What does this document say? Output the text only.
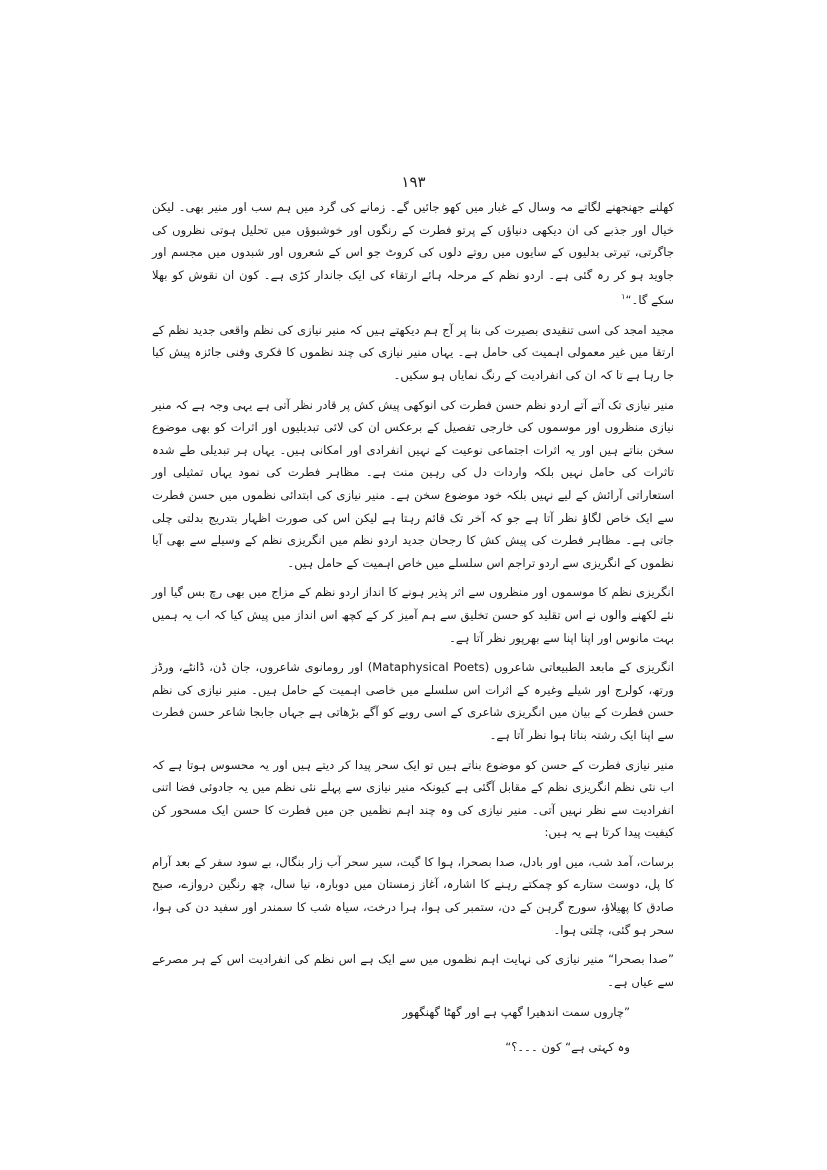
۱۹۳

کھلنے جھنجھنے لگاتے مہ وسال کے غبار میں کھو جائیں گے۔ زمانے کی گرد میں ہم سب اور منیر بھی۔ لیکن خیال اور جذبے کی ان دیکھی دنیاؤں کے پرتو فطرت کے رنگوں اور خوشبوؤں میں تحلیل ہوتی نظروں کی جاگرتی، تیرتی بدلیوں کے سایوں میں روتے دلوں کی کروٹ جو اس کے شعروں اور شبدوں میں مجسم اور جاوید ہو کر رہ گئی ہے۔ اردو نظم کے مرحلہ ہائے ارتقاء کی ایک جاندار کڑی ہے۔ کون ان نقوش کو بھلا سکے گا۔“$^۱$

مجید امجد کی اسی تنقیدی بصیرت کی بنا پر آج ہم دیکھتے ہیں کہ منیر نیازی کی نظم واقعی جدید نظم کے ارتقا میں غیر معمولی اہمیت کی حامل ہے۔ یہاں منیر نیازی کی چند نظموں کا فکری وفنی جائزہ پیش کیا جا رہا ہے تا کہ ان کی انفرادیت کے رنگ نمایاں ہو سکیں۔

منیر نیازی تک آتے آتے اردو نظم حسن فطرت کی انوکھی پیش کش پر قادر نظر آتی ہے یہی وجہ ہے کہ منیر نیازی منظروں اور موسموں کی خارجی تفصیل کے برعکس ان کی لائی تبدیلیوں اور اثرات کو بھی موضوع سخن بناتے ہیں اور یہ اثرات اجتماعی نوعیت کے نہیں انفرادی اور امکانی ہیں۔ یہاں ہر تبدیلی طے شدہ تاثرات کی حامل نہیں بلکہ واردات دل کی رہین منت ہے۔ مظاہر فطرت کی نمود یہاں تمثیلی اور استعاراتی آرائش کے لیے نہیں بلکہ خود موضوع سخن ہے۔ منیر نیازی کی ابتدائی نظموں میں حسن فطرت سے ایک خاص لگاؤ نظر آتا ہے جو کہ آخر تک قائم رہتا ہے لیکن اس کی صورت اظہار بتدریج بدلتی چلی جاتی ہے۔ مظاہر فطرت کی پیش کش کا رجحان جدید اردو نظم میں انگریزی نظم کے وسیلے سے بھی آیا نظموں کے انگریزی سے اردو تراجم اس سلسلے میں خاص اہمیت کے حامل ہیں۔

انگریزی نظم کا موسموں اور منظروں سے اثر پذیر ہونے کا انداز اردو نظم کے مزاج میں بھی رچ بس گیا اور نئے لکھنے والوں نے اس تقلید کو حسن تخلیق سے ہم آمیز کر کے کچھ اس انداز میں پیش کیا کہ اب یہ ہمیں بہت مانوس اور اپنا اپنا سے بھرپور نظر آتا ہے۔

انگریزی کے مابعد الطبیعاتی شاعروں (Mataphysical Poets) اور رومانوی شاعروں، جان ڈن، ڈانٹے، ورڈز ورتھ، کولرج اور شیلے وغیرہ کے اثرات اس سلسلے میں خاصی اہمیت کے حامل ہیں۔ منیر نیازی کی نظم حسن فطرت کے بیان میں انگریزی شاعری کے اسی رویے کو آگے بڑھاتی ہے جہاں جابجا شاعر حسن فطرت سے اپنا ایک رشتہ بناتا ہوا نظر آتا ہے۔

منیر نیازی فطرت کے حسن کو موضوع بناتے ہیں تو ایک سحر پیدا کر دیتے ہیں اور یہ محسوس ہوتا ہے کہ اب نئی نظم انگریزی نظم کے مقابل آگئی ہے کیونکہ منیر نیازی سے پہلے نئی نظم میں یہ جادوئی فضا اتنی انفرادیت سے نظر نہیں آتی۔ منیر نیازی کی وہ چند اہم نظمیں جن میں فطرت کا حسن ایک مسحور کن کیفیت پیدا کرتا ہے یہ ہیں:

برسات، آمد شب، میں اور بادل، صدا بصحرا، ہوا کا گیت، سیر سحر آب زار بنگال، بے سود سفر کے بعد آرام کا پل، دوست ستارے کو چمکتے رہنے کا اشارہ، آغاز زمستان میں دوبارہ، نیا سال، چھ رنگین دروازے، صبح صادق کا پھیلاؤ، سورج گرہن کے دن، ستمبر کی ہوا، ہرا درخت، سیاہ شب کا سمندر اور سفید دن کی ہوا، سحر ہو گئی، چلتی ہوا۔

”صدا بصحرا“ منیر نیازی کی نہایت اہم نظموں میں سے ایک ہے اس نظم کی انفرادیت اس کے ہر مصرعے سے عیاں ہے۔

”چاروں سمت اندھیرا گھپ ہے اور گھٹا گھنگھور
وہ کہتی ہے“ کون ۔۔۔؟“
